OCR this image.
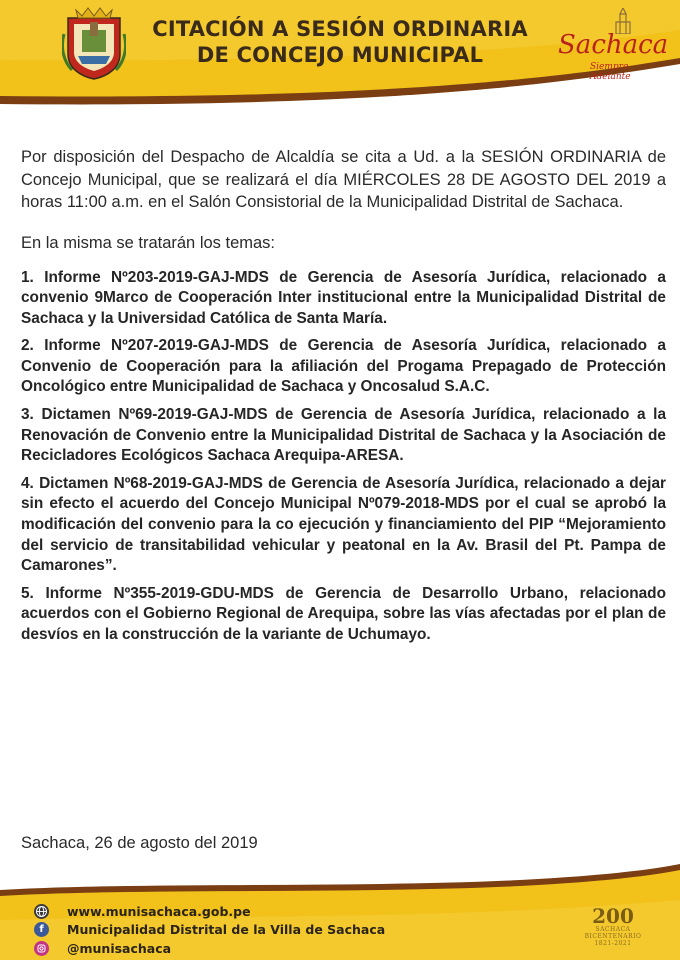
CITACIÓN A SESIÓN ORDINARIA
DE CONCEJO MUNICIPAL	Sachaca
Siempre Adelante

Por disposición del Despacho de Alcaldía se cita a Ud. a la SESIÓN ORDINARIA de Concejo Municipal, que se realizará el día MIÉRCOLES 28 DE AGOSTO DEL 2019 a horas 11:00 a.m. en el Salón Consistorial de la Municipalidad Distrital de Sachaca.

En la misma se tratarán los temas:

1. Informe Nº203-2019-GAJ-MDS de Gerencia de Asesoría Jurídica, relacionado a convenio 9Marco de Cooperación Inter institucional entre la Municipalidad Distrital de Sachaca y la Universidad Católica de Santa María.
2. Informe Nº207-2019-GAJ-MDS de Gerencia de Asesoría Jurídica, relacionado a Convenio de Cooperación para la afiliación del Progama Prepagado de Protección Oncológico entre Municipalidad de Sachaca y Oncosalud S.A.C.
3. Dictamen Nº69-2019-GAJ-MDS de Gerencia de Asesoría Jurídica, relacionado a la Renovación de Convenio entre la Municipalidad Distrital de Sachaca y la Asociación de Recicladores Ecológicos Sachaca Arequipa-ARESA.
4. Dictamen Nº68-2019-GAJ-MDS de Gerencia de Asesoría Jurídica, relacionado a dejar sin efecto el acuerdo del Concejo Municipal Nº079-2018-MDS por el cual se aprobó la modificación del convenio para la co ejecución y financiamiento del PIP “Mejoramiento del servicio de transitabilidad vehicular y peatonal en la Av. Brasil del Pt. Pampa de Camarones”.
5. Informe Nº355-2019-GDU-MDS de Gerencia de Desarrollo Urbano, relacionado acuerdos con el Gobierno Regional de Arequipa, sobre las vías afectadas por el plan de desvíos en la construcción de la variante de Uchumayo.
Sachaca, 26 de agosto del 2019
www.munisachaca.gob.pe
f	Municipalidad Distrital de la Villa de Sachaca
@munisachaca
200
SACHACA
BICENTENARIO
1821-2021
